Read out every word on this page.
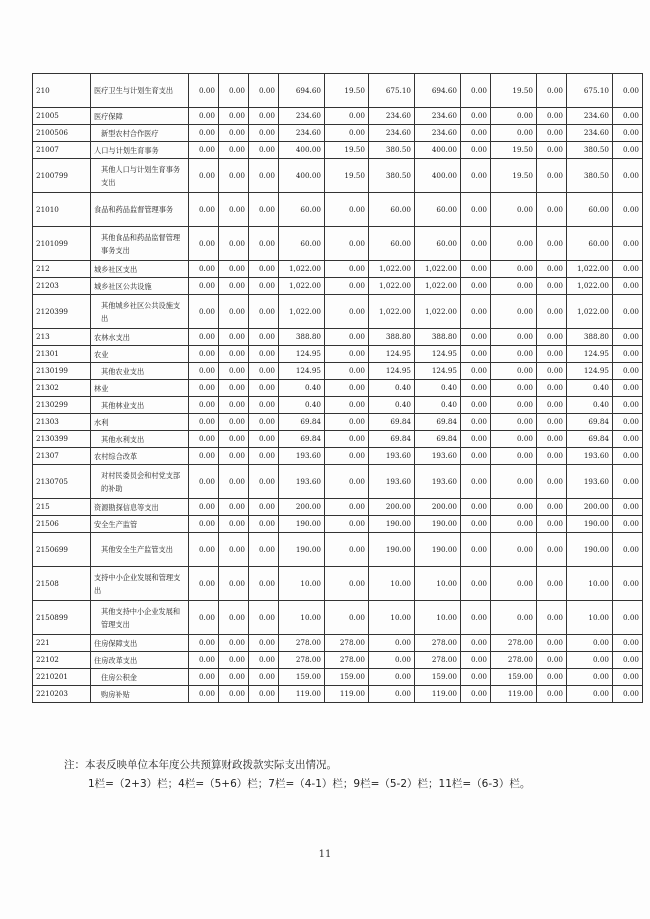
210	医疗卫生与计划生育支出	0.00	0.00	0.00	694.60	19.50	675.10	694.60	0.00	19.50	0.00	675.10	0.00
21005	医疗保障	0.00	0.00	0.00	234.60	0.00	234.60	234.60	0.00	0.00	0.00	234.60	0.00
2100506	新型农村合作医疗	0.00	0.00	0.00	234.60	0.00	234.60	234.60	0.00	0.00	0.00	234.60	0.00
21007	人口与计划生育事务	0.00	0.00	0.00	400.00	19.50	380.50	400.00	0.00	19.50	0.00	380.50	0.00
2100799	其他人口与计划生育事务支出	0.00	0.00	0.00	400.00	19.50	380.50	400.00	0.00	19.50	0.00	380.50	0.00
21010	食品和药品监督管理事务	0.00	0.00	0.00	60.00	0.00	60.00	60.00	0.00	0.00	0.00	60.00	0.00
2101099	其他食品和药品监督管理事务支出	0.00	0.00	0.00	60.00	0.00	60.00	60.00	0.00	0.00	0.00	60.00	0.00
212	城乡社区支出	0.00	0.00	0.00	1,022.00	0.00	1,022.00	1,022.00	0.00	0.00	0.00	1,022.00	0.00
21203	城乡社区公共设施	0.00	0.00	0.00	1,022.00	0.00	1,022.00	1,022.00	0.00	0.00	0.00	1,022.00	0.00
2120399	其他城乡社区公共设施支出	0.00	0.00	0.00	1,022.00	0.00	1,022.00	1,022.00	0.00	0.00	0.00	1,022.00	0.00
213	农林水支出	0.00	0.00	0.00	388.80	0.00	388.80	388.80	0.00	0.00	0.00	388.80	0.00
21301	农业	0.00	0.00	0.00	124.95	0.00	124.95	124.95	0.00	0.00	0.00	124.95	0.00
2130199	其他农业支出	0.00	0.00	0.00	124.95	0.00	124.95	124.95	0.00	0.00	0.00	124.95	0.00
21302	林业	0.00	0.00	0.00	0.40	0.00	0.40	0.40	0.00	0.00	0.00	0.40	0.00
2130299	其他林业支出	0.00	0.00	0.00	0.40	0.00	0.40	0.40	0.00	0.00	0.00	0.40	0.00
21303	水利	0.00	0.00	0.00	69.84	0.00	69.84	69.84	0.00	0.00	0.00	69.84	0.00
2130399	其他水利支出	0.00	0.00	0.00	69.84	0.00	69.84	69.84	0.00	0.00	0.00	69.84	0.00
21307	农村综合改革	0.00	0.00	0.00	193.60	0.00	193.60	193.60	0.00	0.00	0.00	193.60	0.00
2130705	对村民委员会和村党支部的补助	0.00	0.00	0.00	193.60	0.00	193.60	193.60	0.00	0.00	0.00	193.60	0.00
215	资源勘探信息等支出	0.00	0.00	0.00	200.00	0.00	200.00	200.00	0.00	0.00	0.00	200.00	0.00
21506	安全生产监管	0.00	0.00	0.00	190.00	0.00	190.00	190.00	0.00	0.00	0.00	190.00	0.00
2150699	其他安全生产监管支出	0.00	0.00	0.00	190.00	0.00	190.00	190.00	0.00	0.00	0.00	190.00	0.00
21508	支持中小企业发展和管理支出	0.00	0.00	0.00	10.00	0.00	10.00	10.00	0.00	0.00	0.00	10.00	0.00
2150899	其他支持中小企业发展和管理支出	0.00	0.00	0.00	10.00	0.00	10.00	10.00	0.00	0.00	0.00	10.00	0.00
221	住房保障支出	0.00	0.00	0.00	278.00	278.00	0.00	278.00	0.00	278.00	0.00	0.00	0.00
22102	住房改革支出	0.00	0.00	0.00	278.00	278.00	0.00	278.00	0.00	278.00	0.00	0.00	0.00
2210201	住房公积金	0.00	0.00	0.00	159.00	159.00	0.00	159.00	0.00	159.00	0.00	0.00	0.00
2210203	购房补贴	0.00	0.00	0.00	119.00	119.00	0.00	119.00	0.00	119.00	0.00	0.00	0.00
注：本表反映单位本年度公共预算财政拨款实际支出情况。
1栏=（2+3）栏；4栏=（5+6）栏；7栏=（4-1）栏；9栏=（5-2）栏；11栏=（6-3）栏。
11
